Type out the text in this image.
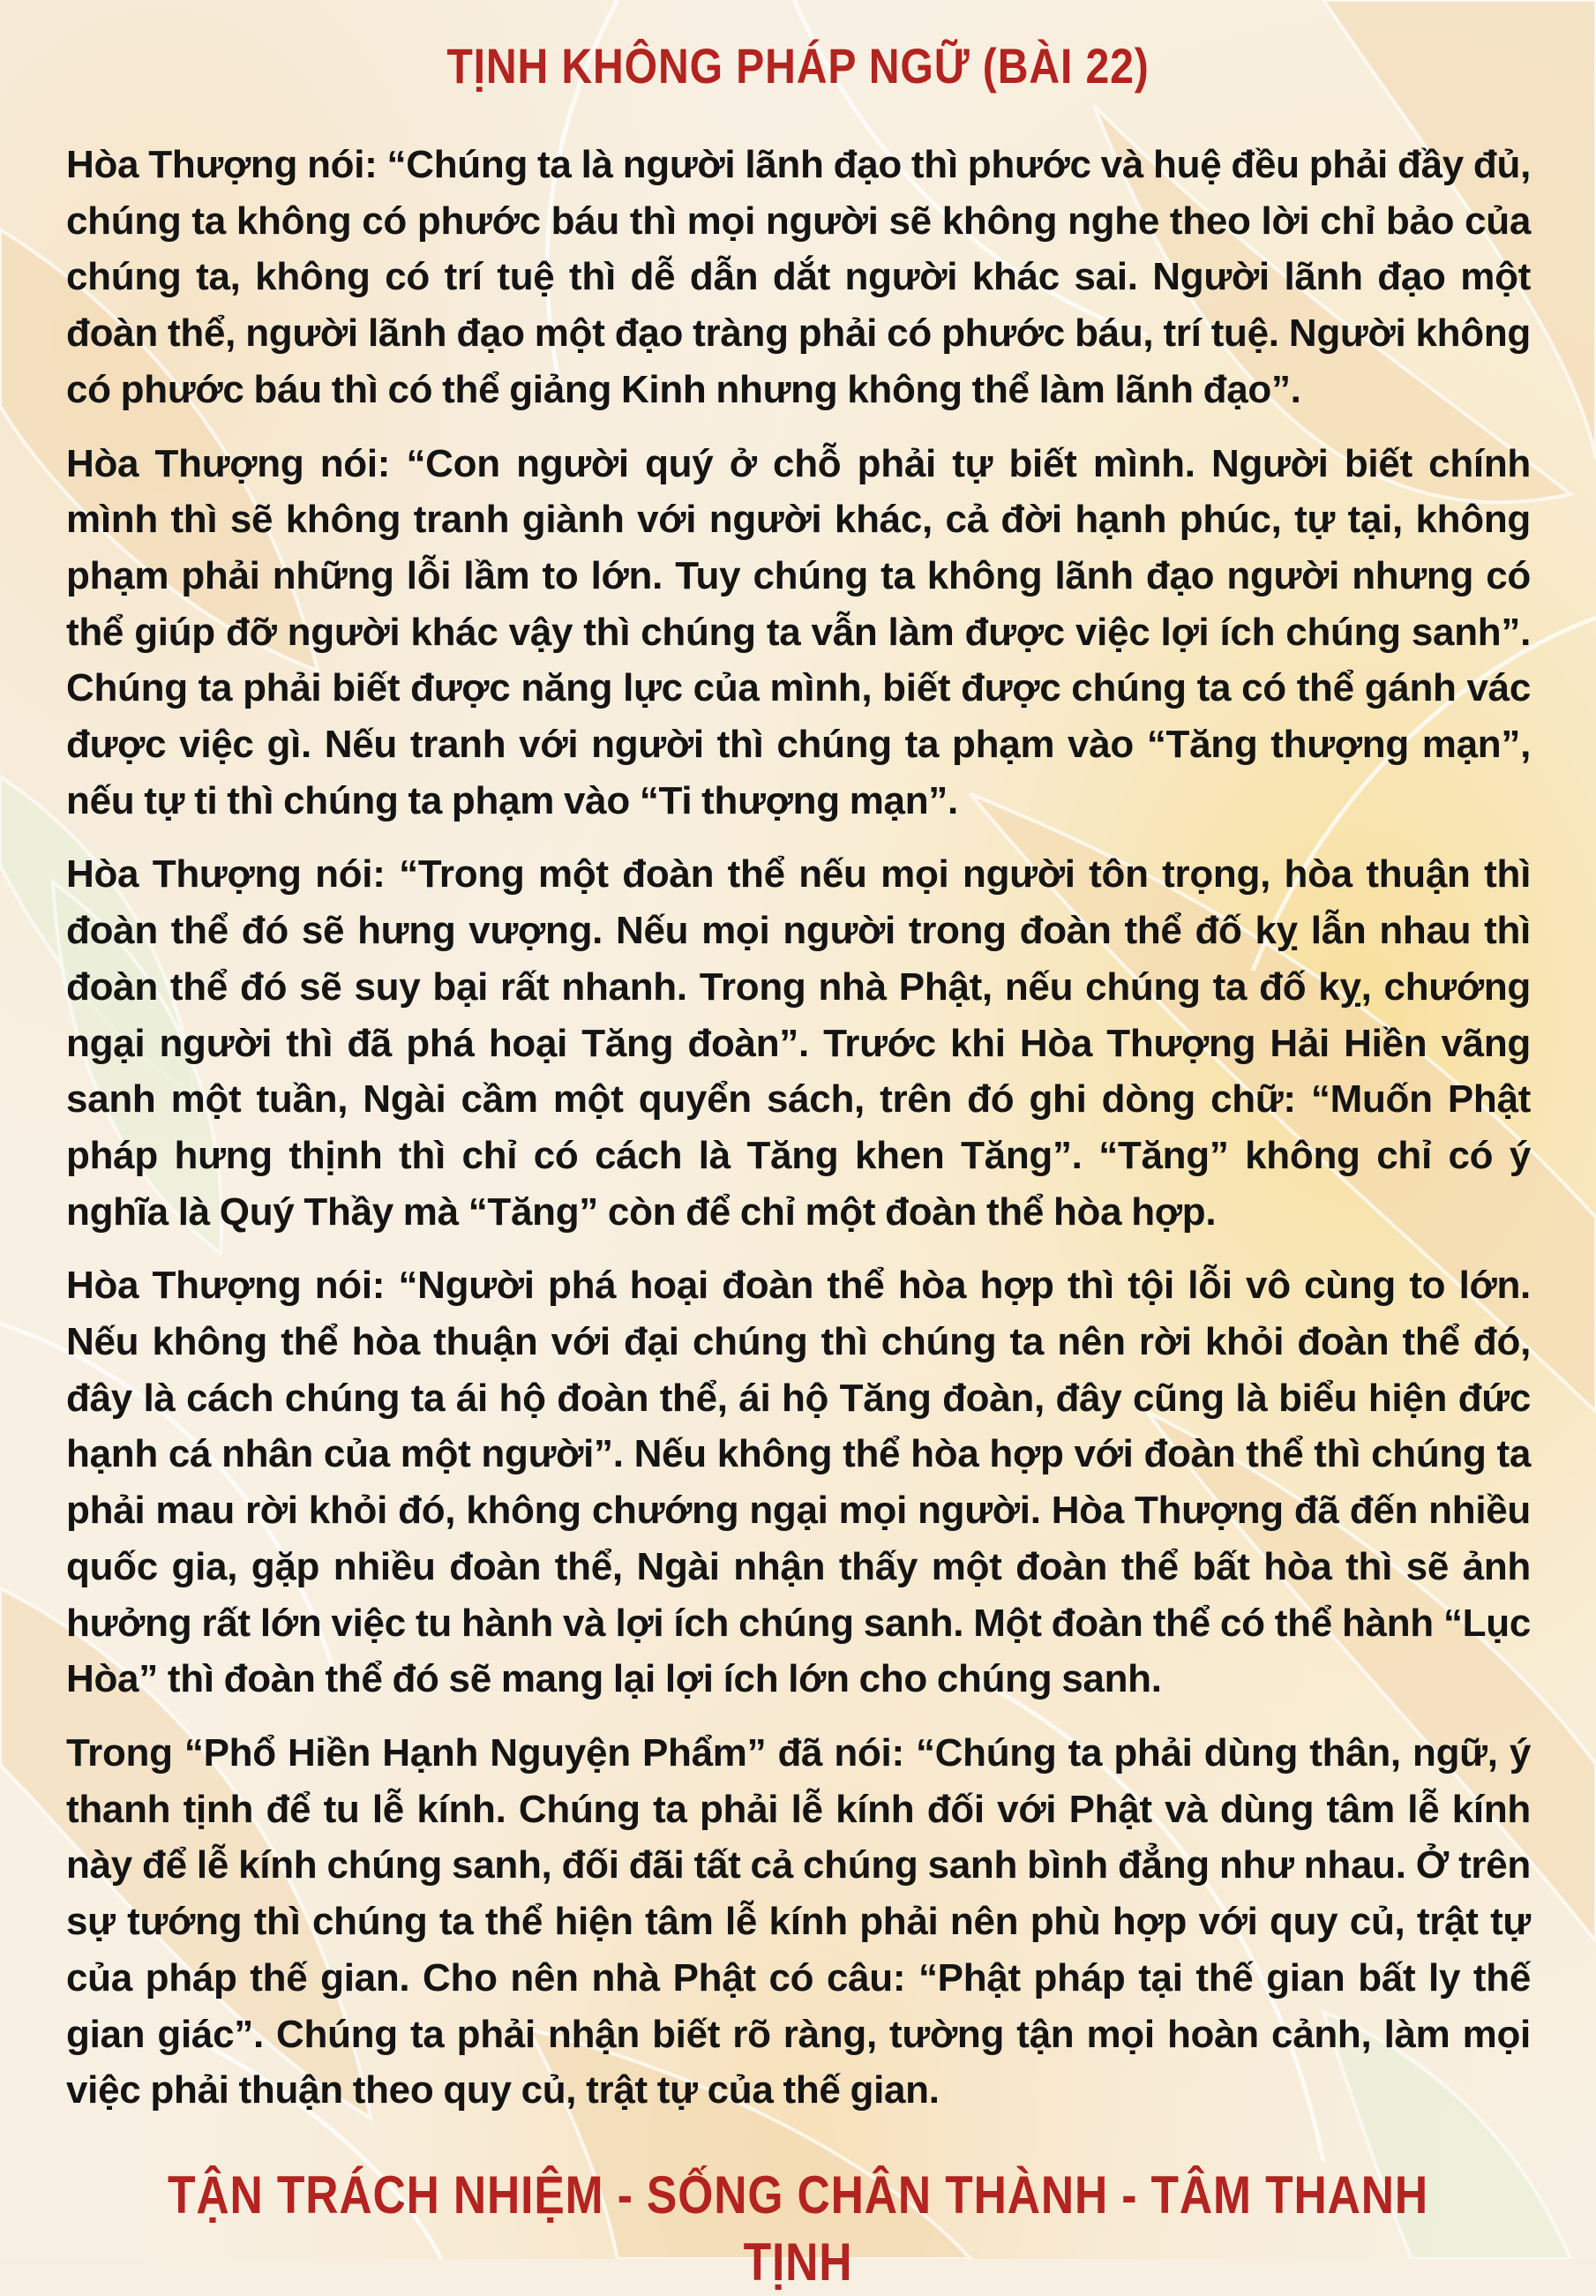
TỊNH KHÔNG PHÁP NGỮ (BÀI 22)

Hòa Thượng nói: “Chúng ta là người lãnh đạo thì phước và huệ đều phải đầy đủ, chúng ta không có phước báu thì mọi người sẽ không nghe theo lời chỉ bảo của chúng ta, không có trí tuệ thì dễ dẫn dắt người khác sai. Người lãnh đạo một đoàn thể, người lãnh đạo một đạo tràng phải có phước báu, trí tuệ. Người không có phước báu thì có thể giảng Kinh nhưng không thể làm lãnh đạo”.

Hòa Thượng nói: “Con người quý ở chỗ phải tự biết mình. Người biết chính mình thì sẽ không tranh giành với người khác, cả đời hạnh phúc, tự tại, không phạm phải những lỗi lầm to lớn. Tuy chúng ta không lãnh đạo người nhưng có thể giúp đỡ người khác vậy thì chúng ta vẫn làm được việc lợi ích chúng sanh”. Chúng ta phải biết được năng lực của mình, biết được chúng ta có thể gánh vác được việc gì. Nếu tranh với người thì chúng ta phạm vào “Tăng thượng mạn”, nếu tự ti thì chúng ta phạm vào “Ti thượng mạn”.

Hòa Thượng nói: “Trong một đoàn thể nếu mọi người tôn trọng, hòa thuận thì đoàn thể đó sẽ hưng vượng. Nếu mọi người trong đoàn thể đố kỵ lẫn nhau thì đoàn thể đó sẽ suy bại rất nhanh. Trong nhà Phật, nếu chúng ta đố kỵ, chướng ngại người thì đã phá hoại Tăng đoàn”. Trước khi Hòa Thượng Hải Hiền vãng sanh một tuần, Ngài cầm một quyển sách, trên đó ghi dòng chữ: “Muốn Phật pháp hưng thịnh thì chỉ có cách là Tăng khen Tăng”. “Tăng” không chỉ có ý nghĩa là Quý Thầy mà “Tăng” còn để chỉ một đoàn thể hòa hợp.

Hòa Thượng nói: “Người phá hoại đoàn thể hòa hợp thì tội lỗi vô cùng to lớn. Nếu không thể hòa thuận với đại chúng thì chúng ta nên rời khỏi đoàn thể đó, đây là cách chúng ta ái hộ đoàn thể, ái hộ Tăng đoàn, đây cũng là biểu hiện đức hạnh cá nhân của một người”. Nếu không thể hòa hợp với đoàn thể thì chúng ta phải mau rời khỏi đó, không chướng ngại mọi người. Hòa Thượng đã đến nhiều quốc gia, gặp nhiều đoàn thể, Ngài nhận thấy một đoàn thể bất hòa thì sẽ ảnh hưởng rất lớn việc tu hành và lợi ích chúng sanh. Một đoàn thể có thể hành “Lục Hòa” thì đoàn thể đó sẽ mang lại lợi ích lớn cho chúng sanh.

Trong “Phổ Hiền Hạnh Nguyện Phẩm” đã nói: “Chúng ta phải dùng thân, ngữ, ý thanh tịnh để tu lễ kính. Chúng ta phải lễ kính đối với Phật và dùng tâm lễ kính này để lễ kính chúng sanh, đối đãi tất cả chúng sanh bình đẳng như nhau. Ở trên sự tướng thì chúng ta thể hiện tâm lễ kính phải nên phù hợp với quy củ, trật tự của pháp thế gian. Cho nên nhà Phật có câu: “Phật pháp tại thế gian bất ly thế gian giác”. Chúng ta phải nhận biết rõ ràng, tường tận mọi hoàn cảnh, làm mọi việc phải thuận theo quy củ, trật tự của thế gian.

TẬN TRÁCH NHIỆM - SỐNG CHÂN THÀNH - TÂM THANH TỊNH
